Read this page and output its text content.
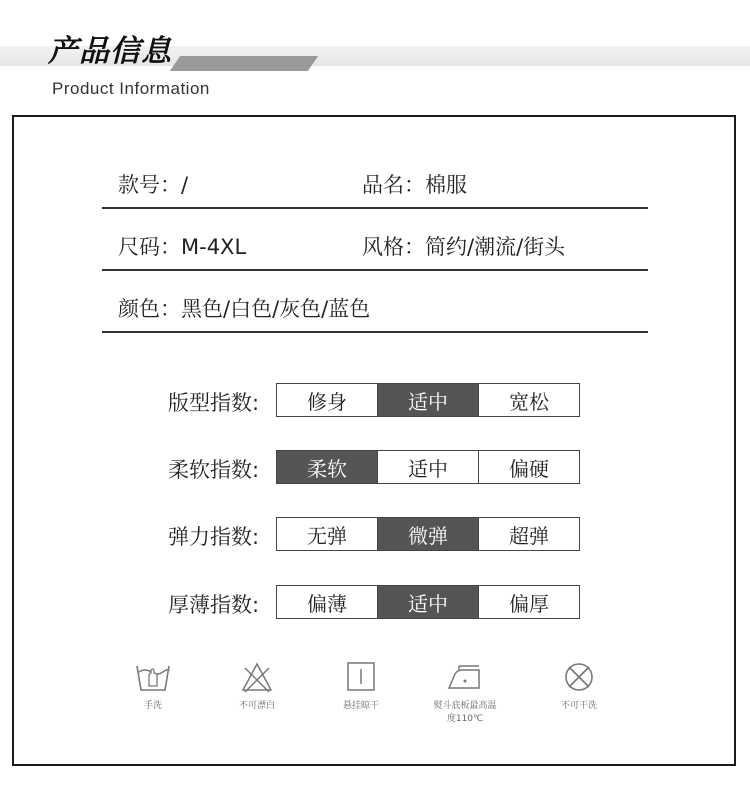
产品信息
Product Information
款号：/	品名：棉服
尺码：M-4XL	风格：简约/潮流/街头
颜色：黑色/白色/灰色/蓝色
版型指数:	修身	适中	宽松
柔软指数:	柔软	适中	偏硬
弹力指数:	无弹	微弹	超弹
厚薄指数:	偏薄	适中	偏厚
手洗	不可漂白	悬挂晾干	熨斗底板最高温度110℃
不可干洗
